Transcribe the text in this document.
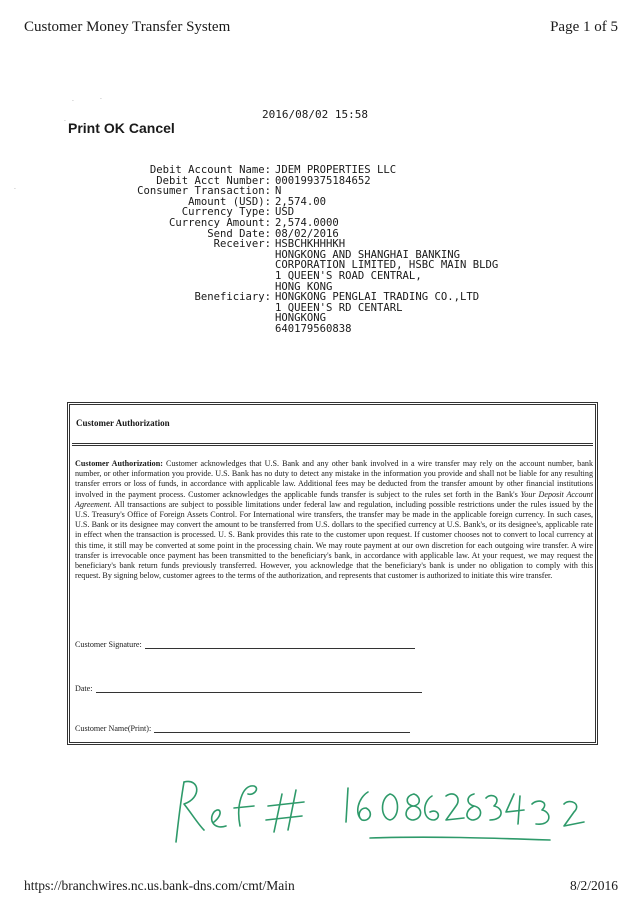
Customer Money Transfer System	Page 1 of 5
·	·
·
·
2016/08/02 15:58
Print OK Cancel
Debit Account Name: JDEM PROPERTIES LLC
Debit Acct Number: 000199375184652
Consumer Transaction: N
Amount (USD): 2,574.00
Currency Type: USD
Currency Amount: 2,574.0000
Send Date: 08/02/2016
Receiver: HSBCHKHHHKH
HONGKONG AND SHANGHAI BANKING
CORPORATION LIMITED, HSBC MAIN BLDG
1 QUEEN'S ROAD CENTRAL,
HONG KONG
Beneficiary: HONGKONG PENGLAI TRADING CO.,LTD
1 QUEEN'S RD CENTARL
HONGKONG
640179560838
Customer Authorization
Customer Authorization: Customer acknowledges that U.S. Bank and any other bank involved in a wire transfer may rely on the account number, bank number, or other information you provide. U.S. Bank has no duty to detect any mistake in the information you provide and shall not be liable for any resulting transfer errors or loss of funds, in accordance with applicable law. Additional fees may be deducted from the transfer amount by other financial institutions involved in the payment process. Customer acknowledges the applicable funds transfer is subject to the rules set forth in the Bank's Your Deposit Account Agreement. All transactions are subject to possible limitations under federal law and regulation, including possible restrictions under the rules issued by the U.S. Treasury's Office of Foreign Assets Control. For International wire transfers, the transfer may be made in the applicable foreign currency. In such cases, U.S. Bank or its designee may convert the amount to be transferred from U.S. dollars to the specified currency at U.S. Bank's, or its designee's, applicable rate in effect when the transaction is processed. U. S. Bank provides this rate to the customer upon request. If customer chooses not to convert to local currency at this time, it still may be converted at some point in the processing chain. We may route payment at our own discretion for each outgoing wire transfer. A wire transfer is irrevocable once payment has been transmitted to the beneficiary's bank, in accordance with applicable law. At your request, we may request the beneficiary's bank return funds previously transferred. However, you acknowledge that the beneficiary's bank is under no obligation to comply with this request. By signing below, customer agrees to the terms of the authorization, and represents that customer is authorized to initiate this wire transfer.
Customer Signature:
Date:
Customer Name(Print):
https://branchwires.nc.us.bank-dns.com/cmt/Main	8/2/2016
